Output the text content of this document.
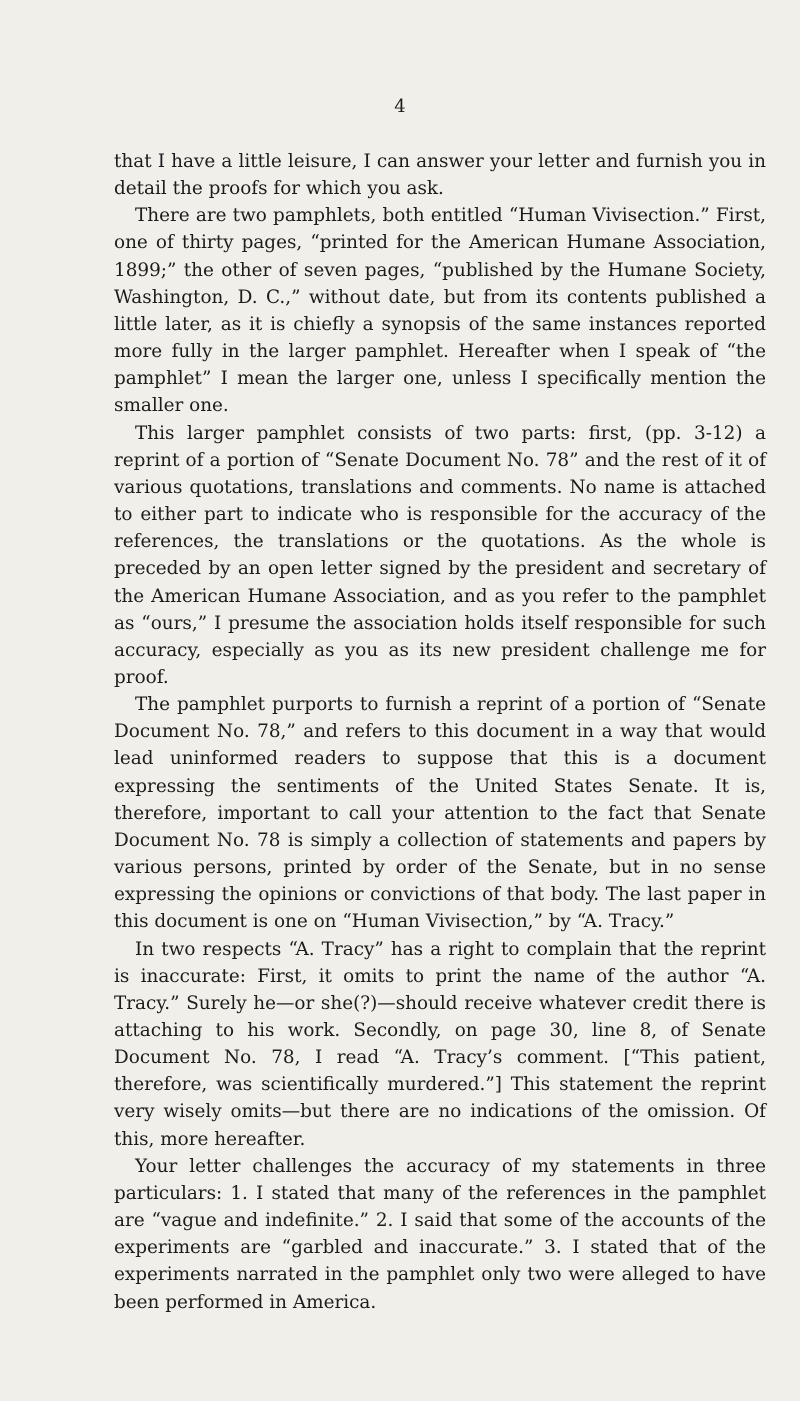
4

that I have a little leisure, I can answer your letter and furnish you in detail the proofs for which you ask.

There are two pamphlets, both entitled “Human Vivisection.” First, one of thirty pages, “printed for the American Humane Association, 1899;” the other of seven pages, “published by the Humane Society, Washington, D. C.,” without date, but from its contents published a little later, as it is chiefly a synopsis of the same instances reported more fully in the larger pamphlet. Hereafter when I speak of “the pamphlet” I mean the larger one, unless I specifically mention the smaller one.

This larger pamphlet consists of two parts: first, (pp. 3-12) a reprint of a portion of “Senate Document No. 78” and the rest of it of various quotations, translations and comments. No name is attached to either part to indicate who is responsible for the accuracy of the references, the translations or the quotations. As the whole is preceded by an open letter signed by the president and secretary of the American Humane Association, and as you refer to the pamphlet as “ours,” I presume the association holds itself responsible for such accuracy, especially as you as its new president challenge me for proof.

The pamphlet purports to furnish a reprint of a portion of “Senate Document No. 78,” and refers to this document in a way that would lead uninformed readers to suppose that this is a document expressing the sentiments of the United States Senate. It is, therefore, important to call your attention to the fact that Senate Document No. 78 is simply a collection of statements and papers by various persons, printed by order of the Senate, but in no sense expressing the opinions or convictions of that body. The last paper in this document is one on “Human Vivisection,” by “A. Tracy.”

In two respects “A. Tracy” has a right to complain that the reprint is inaccurate: First, it omits to print the name of the author “A. Tracy.” Surely he—or she(?)—should receive whatever credit there is attaching to his work. Secondly, on page 30, line 8, of Senate Document No. 78, I read “A. Tracy’s comment. [“This patient, therefore, was scientifically murdered.”] This statement the reprint very wisely omits—but there are no indications of the omission. Of this, more hereafter.

Your letter challenges the accuracy of my statements in three particulars: 1. I stated that many of the references in the pamphlet are “vague and indefinite.” 2. I said that some of the accounts of the experiments are “garbled and inaccurate.” 3. I stated that of the experiments narrated in the pamphlet only two were alleged to have been performed in America.
